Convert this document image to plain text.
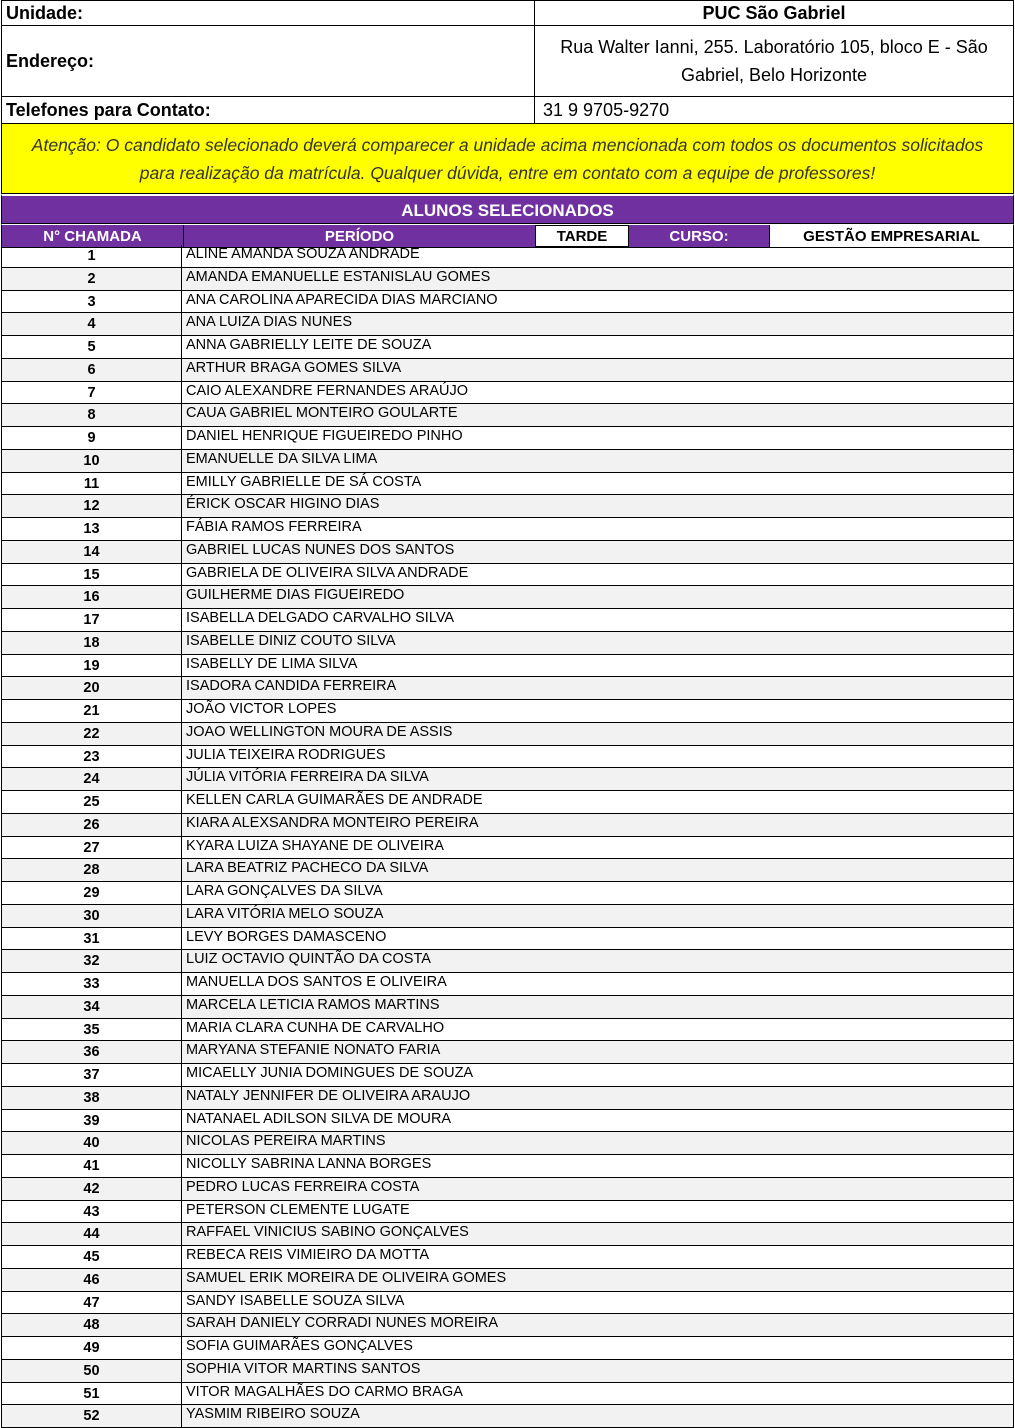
Unidade:	PUC São Gabriel
Endereço:	Rua Walter Ianni, 255. Laboratório 105, bloco E - São Gabriel, Belo Horizonte
Telefones para Contato:	31 9 9705-9270
Atenção: O candidato selecionado deverá comparecer a unidade acima mencionada com todos os documentos solicitados para realização da matrícula. Qualquer dúvida, entre em contato com a equipe de professores!
ALUNOS SELECIONADOS
N° CHAMADA	PERÍODO	TARDE	CURSO:	GESTÃO EMPRESARIAL
1	ALINE AMANDA SOUZA ANDRADE
2	AMANDA EMANUELLE ESTANISLAU GOMES
3	ANA CAROLINA APARECIDA DIAS MARCIANO
4	ANA LUIZA DIAS NUNES
5	ANNA GABRIELLY LEITE DE SOUZA
6	ARTHUR BRAGA GOMES SILVA
7	CAIO ALEXANDRE FERNANDES ARAÚJO
8	CAUA GABRIEL MONTEIRO GOULARTE
9	DANIEL HENRIQUE FIGUEIREDO PINHO
10	EMANUELLE DA SILVA LIMA
11	EMILLY GABRIELLE DE SÁ COSTA
12	ÉRICK OSCAR HIGINO DIAS
13	FÁBIA RAMOS FERREIRA
14	GABRIEL LUCAS NUNES DOS SANTOS
15	GABRIELA DE OLIVEIRA SILVA ANDRADE
16	GUILHERME DIAS FIGUEIREDO
17	ISABELLA DELGADO CARVALHO SILVA
18	ISABELLE DINIZ COUTO SILVA
19	ISABELLY DE LIMA SILVA
20	ISADORA CANDIDA FERREIRA
21	JOÃO VICTOR LOPES
22	JOAO WELLINGTON MOURA DE ASSIS
23	JULIA TEIXEIRA RODRIGUES
24	JÚLIA VITÓRIA FERREIRA DA SILVA
25	KELLEN CARLA GUIMARÃES DE ANDRADE
26	KIARA ALEXSANDRA MONTEIRO PEREIRA
27	KYARA LUIZA SHAYANE DE OLIVEIRA
28	LARA BEATRIZ PACHECO DA SILVA
29	LARA GONÇALVES DA SILVA
30	LARA VITÓRIA MELO SOUZA
31	LEVY BORGES DAMASCENO
32	LUIZ OCTAVIO QUINTÃO DA COSTA
33	MANUELLA DOS SANTOS E OLIVEIRA
34	MARCELA LETICIA RAMOS MARTINS
35	MARIA CLARA CUNHA DE CARVALHO
36	MARYANA STEFANIE NONATO FARIA
37	MICAELLY JUNIA DOMINGUES DE SOUZA
38	NATALY JENNIFER DE OLIVEIRA ARAUJO
39	NATANAEL ADILSON SILVA DE MOURA
40	NICOLAS PEREIRA MARTINS
41	NICOLLY SABRINA LANNA BORGES
42	PEDRO LUCAS FERREIRA COSTA
43	PETERSON CLEMENTE LUGATE
44	RAFFAEL VINICIUS SABINO GONÇALVES
45	REBECA REIS VIMIEIRO DA MOTTA
46	SAMUEL ERIK MOREIRA DE OLIVEIRA GOMES
47	SANDY ISABELLE SOUZA SILVA
48	SARAH DANIELY CORRADI NUNES MOREIRA
49	SOFIA GUIMARÃES GONÇALVES
50	SOPHIA VITOR MARTINS SANTOS
51	VITOR MAGALHÃES DO CARMO BRAGA
52	YASMIM RIBEIRO SOUZA
